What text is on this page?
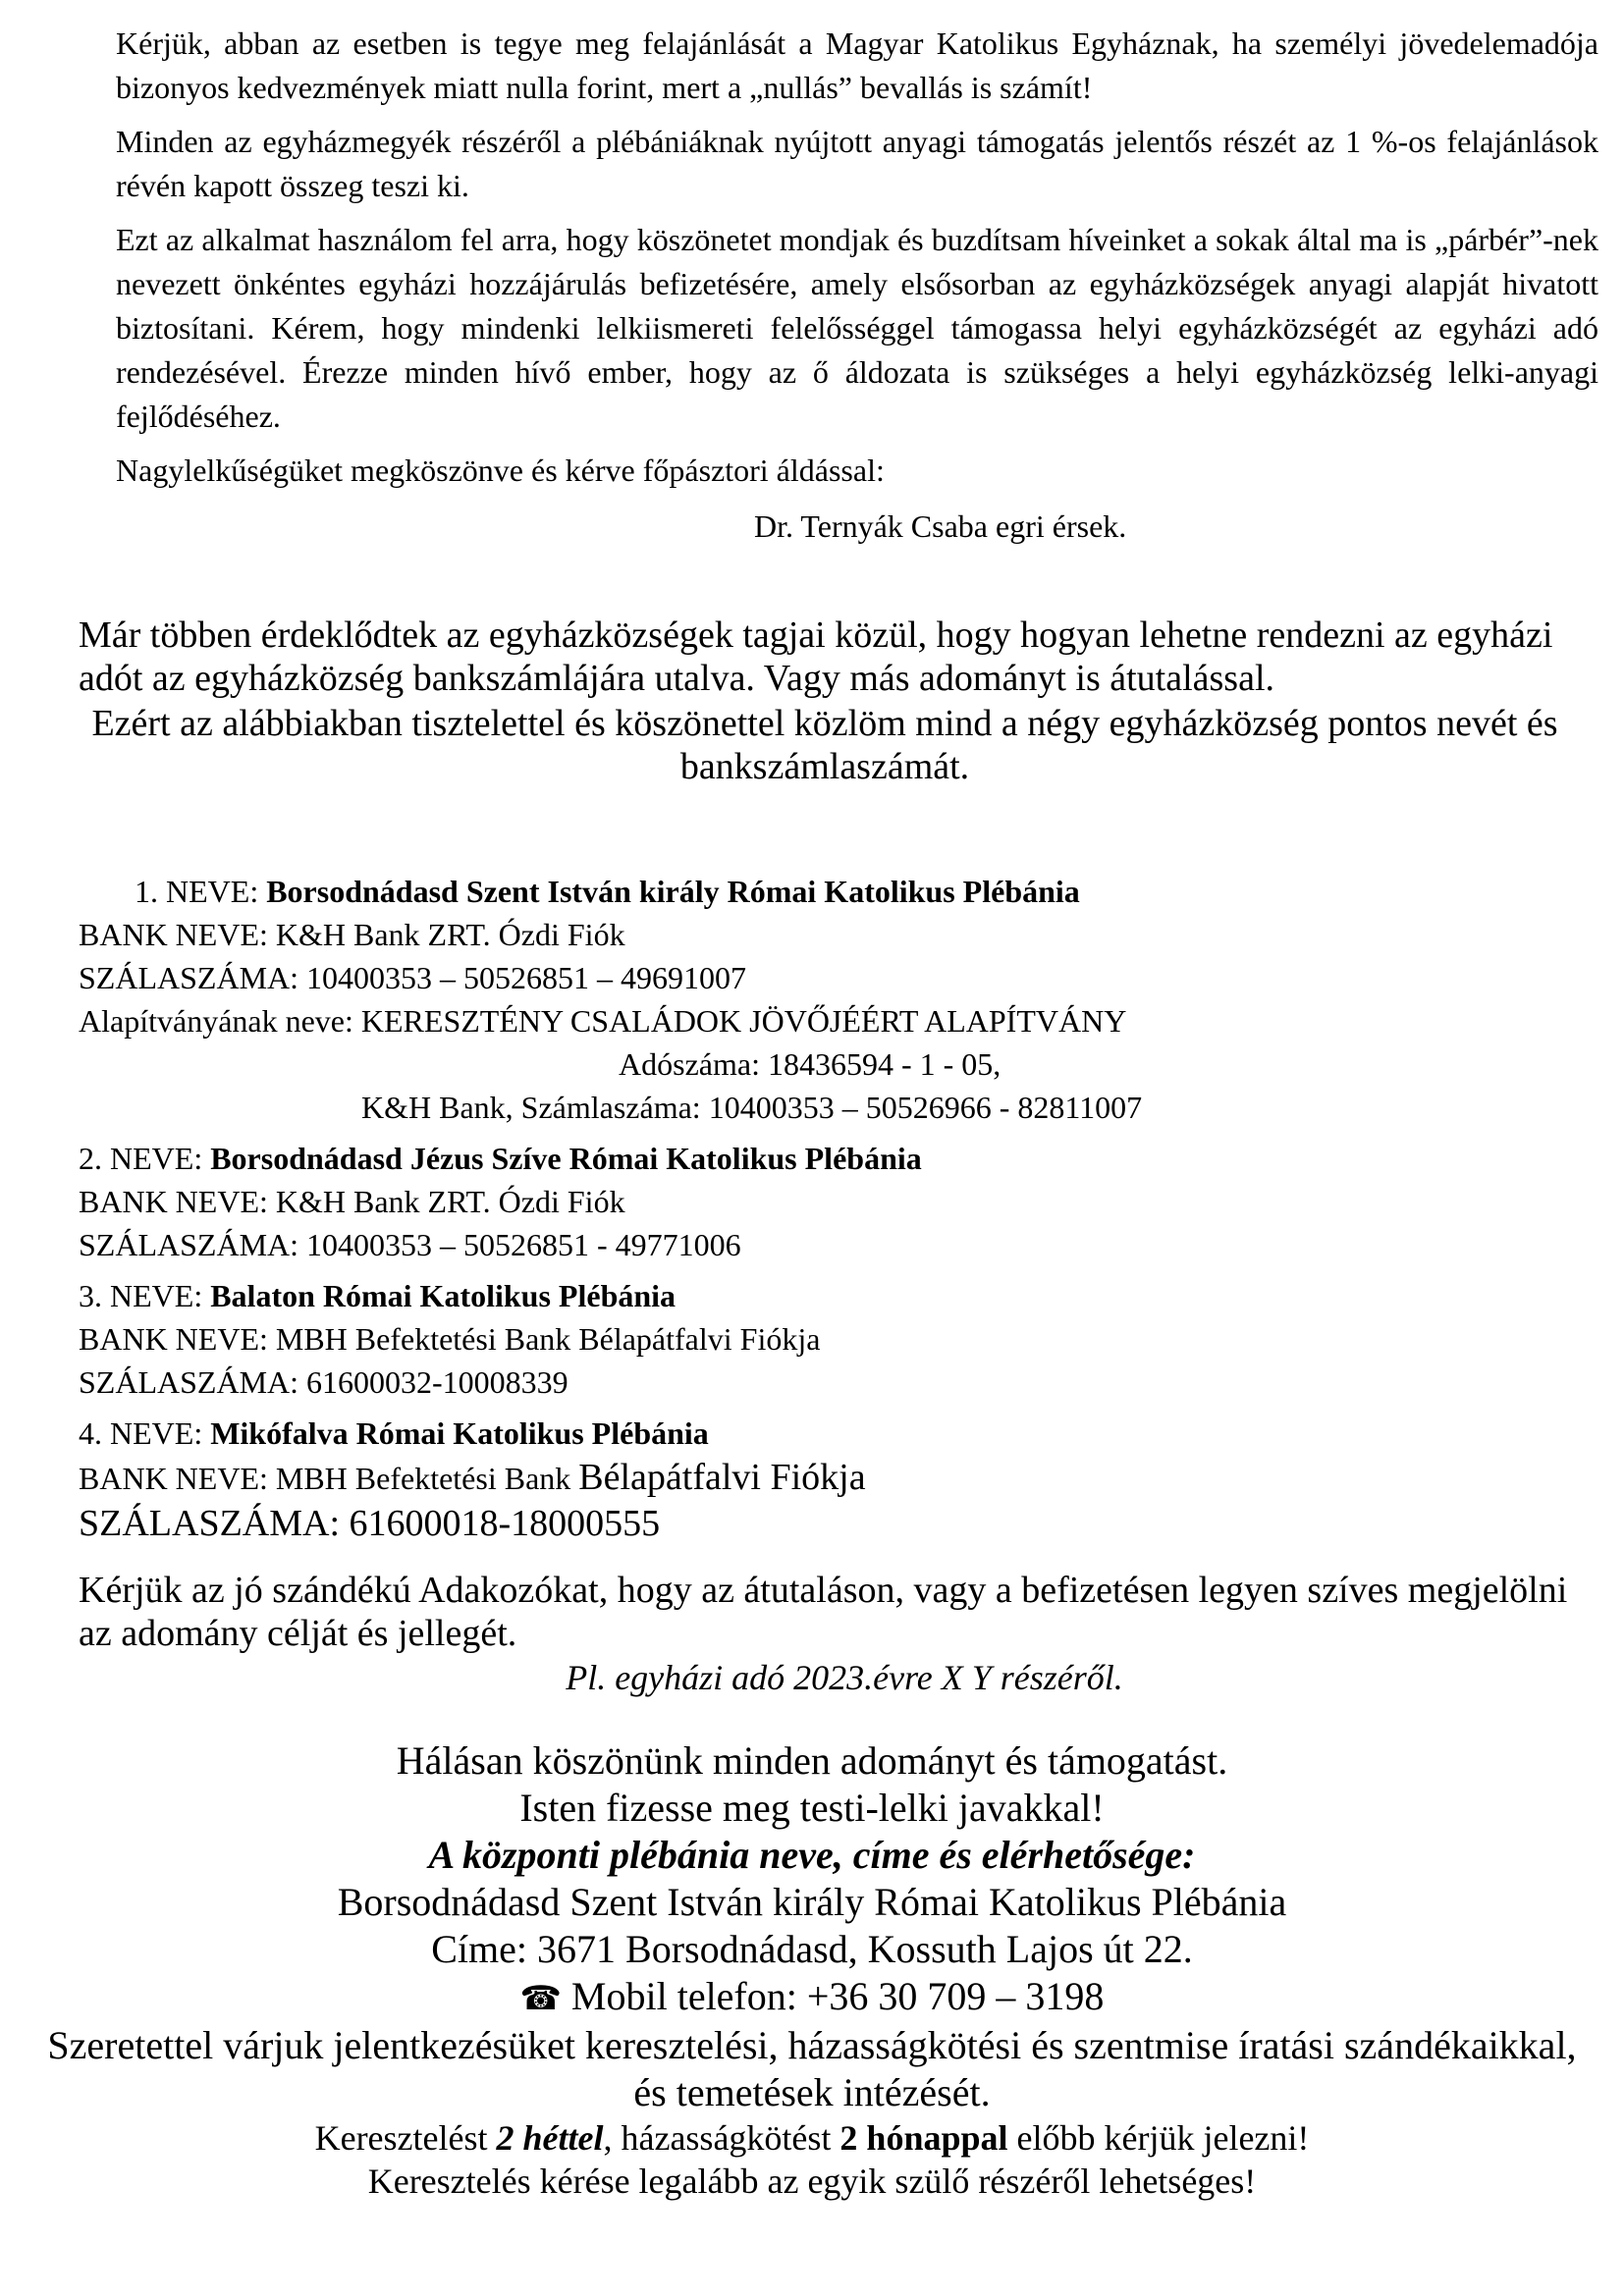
Kérjük, abban az esetben is tegye meg felajánlását a Magyar Katolikus Egyháznak, ha személyi jövedelemadója bizonyos kedvezmények miatt nulla forint, mert a „nullás” bevallás is számít!

Minden az egyházmegyék részéről a plébániáknak nyújtott anyagi támogatás jelentős részét az 1 %-os felajánlások révén kapott összeg teszi ki.

Ezt az alkalmat használom fel arra, hogy köszönetet mondjak és buzdítsam híveinket a sokak által ma is „párbér”-nek nevezett önkéntes egyházi hozzájárulás befizetésére, amely elsősorban az egyházközségek anyagi alapját hivatott biztosítani. Kérem, hogy mindenki lelkiismereti felelősséggel támogassa helyi egyházközségét az egyházi adó rendezésével. Érezze minden hívő ember, hogy az ő áldozata is szükséges a helyi egyházközség lelki-anyagi fejlődéséhez.

Nagylelkűségüket megköszönve és kérve főpásztori áldással:

Dr. Ternyák Csaba egri érsek.

Már többen érdeklődtek az egyházközségek tagjai közül, hogy hogyan lehetne rendezni az egyházi adót az egyházközség bankszámlájára utalva. Vagy más adományt is átutalással.

Ezért az alábbiakban tisztelettel és köszönettel közlöm mind a négy egyházközség pontos nevét és bankszámlaszámát.

1. NEVE: Borsodnádasd Szent István király Római Katolikus Plébánia
BANK NEVE: K&H Bank ZRT. Ózdi Fiók
SZÁLASZÁMA: 10400353 – 50526851 – 49691007
Alapítványának neve: KERESZTÉNY CSALÁDOK JÖVŐJÉÉRT ALAPÍTVÁNY
Adószáma: 18436594 - 1 - 05,
K&H Bank, Számlaszáma: 10400353 – 50526966 - 82811007
2. NEVE: Borsodnádasd Jézus Szíve Római Katolikus Plébánia
BANK NEVE: K&H Bank ZRT. Ózdi Fiók
SZÁLASZÁMA: 10400353 – 50526851 - 49771006
3. NEVE: Balaton Római Katolikus Plébánia
BANK NEVE: MBH Befektetési Bank Bélapátfalvi Fiókja
SZÁLASZÁMA: 61600032-10008339
4. NEVE: Mikófalva Római Katolikus Plébánia
BANK NEVE: MBH Befektetési Bank Bélapátfalvi Fiókja
SZÁLASZÁMA: 61600018-18000555
Kérjük az jó szándékú Adakozókat, hogy az átutaláson, vagy a befizetésen legyen szíves megjelölni az adomány célját és jellegét.
Pl. egyházi adó 2023.évre X Y részéről.
Hálásan köszönünk minden adományt és támogatást.
Isten fizesse meg testi-lelki javakkal!
A központi plébánia neve, címe és elérhetősége:
Borsodnádasd Szent István király Római Katolikus Plébánia
Címe: 3671 Borsodnádasd, Kossuth Lajos út 22.
☎ Mobil telefon: +36 30 709 – 3198
Szeretettel várjuk jelentkezésüket keresztelési, házasságkötési és szentmise íratási szándékaikkal, és temetések intézését.
Keresztelést 2 héttel, házasságkötést 2 hónappal előbb kérjük jelezni!
Keresztelés kérése legalább az egyik szülő részéről lehetséges!
